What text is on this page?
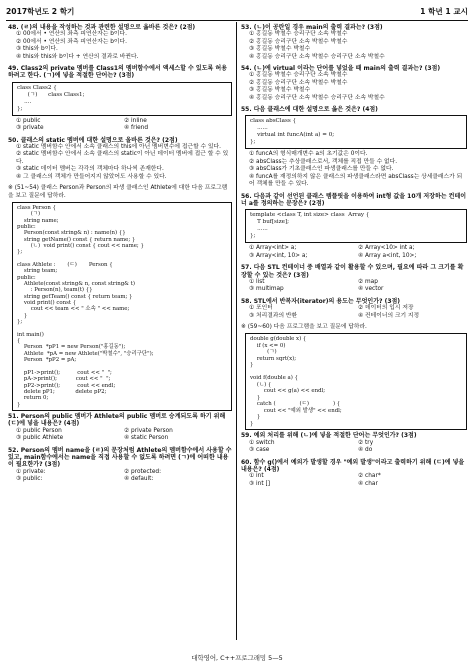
2017학년도 2 학기	1 학년 1 교시
48. (ㄹ)의 내용을 작성하는 것과 관련한 설명으로 옳바른 것은? (2점)
① 00에서 • 연산의 좌측 피연산자는 b이다.
② 00에서 • 연산의 좌측 피연산자는 b이다.
③ this와 b이다.
④ this와 this와 b이다 + 연산의 결과로 바뀐다.
49. Class2의 private 멤버를 Class1의 멤버함수에서 액세스할 수 있도록 허용하려고 한다. (ㄱ)에 넣을 적절한 단어는? (3점)
class Class2 {
(ㄱ)      class Class1;
....
};
① public	② inline
③ private	④ friend
50. 클래스의 static 멤버에 대한 설명으로 올바른 것은? (2점)
① static 멤버함수 안에서 소속 클래스의 this에 아닌 멤버변수에 접근할 수 있다.
② static 멤버함수 안에서 소속 클래스의 static이 아닌 데이터 멤버에 접근 할 수 있다.
③ static 데이터 멤버는 각각의 객체마다 하나씩 존재한다.
④ 그 클래스의 객체가 만들어지지 않았어도 사용할 수 있다.
※ (51~54) 클래스 Person과 Person의 파생 클래스인 Athlete에 대한 다음 프로그램을 보고 질문에 답하라.
class Person {
(ㄱ)
string name;
public:
Person(const string& n) : name(n) {}
string getName() const { return name; }
(ㄴ)  void print() const { cout << name; }
};

class Athlete :       (ㄷ)       Person {
string team;
public:
Athlete(const string& n, const string& t)
: Person(n), team(t) {}
string getTeam() const { return team; }
void print() const {
cout << team << " 소속 " << name;
}
};

int main()
{
Person  *pP1 = new Person("홍길동");
Athlete  *pA = new Athlete("박철수", "승리구단");
Person  *pP2 = pA;

pP1->print();          cout << "  ";
pA->print();           cout << "  ";
pP2->print();          cout << endl;
delete pP1;            delete pP2;
return 0;
}
51. Person의 public 멤버가 Athlete의 public 멤버로 승계되도록 하기 위해 (ㄷ)에 넣을 내용은? (4점)
① public Person	② private Person
③ public Athlete	④ static Person
52. Person의 멤버 name을 (ㄹ)의 문장처럼 Athlete의 멤버함수에서 사용할 수 있고, main함수에서는 name을 직접 사용할 수 없도록 하려면 (ㄱ)에 어떠한 내용이 필요한가? (3점)
① private:	② protected:
③ public:	④ default:
53. (ㄴ)이 공란일 경우 main의 출력 결과는? (3점)
① 홍길동 박철수 승리구단 소속 박철수
② 홍길동 승리구단 소속 박철수 박철수
③ 홍길동 박철수 박철수
④ 홍길동 승리구단 소속 박철수 승리구단 소속 박철수
54. (ㄴ)에 virtual 이라는 단어를 넣었을 때 main의 출력 결과는? (3점)
① 홍길동 박철수 승리구단 소속 박철수
② 홍길동 승리구단 소속 박철수 박철수
③ 홍길동 박철수 박철수
④ 홍길동 승리구단 소속 박철수 승리구단 소속 박철수
55. 다음 클래스에 대한 설명으로 옳은 것은? (4점)
class absClass {
......
virtual int funcA(int a) = 0;
};
① funcA의 형식매개변수 a의 초기값은 0이다.
② absClass는 추상클래스로서, 객체를 직접 만들 수 없다.
③ absClass가 기초클래스인 파생클래스를 만들 수 없다.
④ funcA를 재정의하지 않은 클래스의 파생클래스라면 absClass는 상세클래스가 되어 객체를 만들 수 있다.
56. 다음과 같이 선언된 클래스 템플릿을 이용하여 int형 값을 10개 저장하는 컨테이너 a를 정의하는 문장은? (2점)
template <class T, int size> class  Array {
T buf[size];
......
};
① Array<int> a;	② Array<10> int a;
③ Array<int, 10> a;	④ Array a<int, 10>;
57. 다음 STL 컨테이너 중 배열과 같이 활용할 수 있으며, 필요에 따라 그 크기를 확장할 수 있는 것은? (3점)
① list	② map
③ multimap	④ vector
58. STL에서 반복자(iterator)의 용도는 무엇인가? (3점)
① 포인터	② 데이터의 입시 저장
③ 처리결과의 반환	④ 컨테이너의 크기 지정
※ (59~60) 다음 프로그램을 보고 질문에 답하라.
double g(double x) {
if (x <= 0)
(ㄱ)
return sqrt(x);
}

void f(double a) {
(ㄴ) {
cout << g(a) << endl;
}
catch (              (ㄷ)              ) {
cout << "예외 발생" << endl;
}
}
59. 예외 처리를 위해 (ㄴ)에 넣을 적절한 단어는 무엇인가? (3점)
① switch	② try
③ case	④ do
60. 함수 g()에서 예외가 발생할 경우 "예외 발생"이라고 출력하기 위해 (ㄷ)에 넣을 내용은? (4점)
① int	② char*
③ int []	④ char
대학영어, C++프로그래밍 5—5
